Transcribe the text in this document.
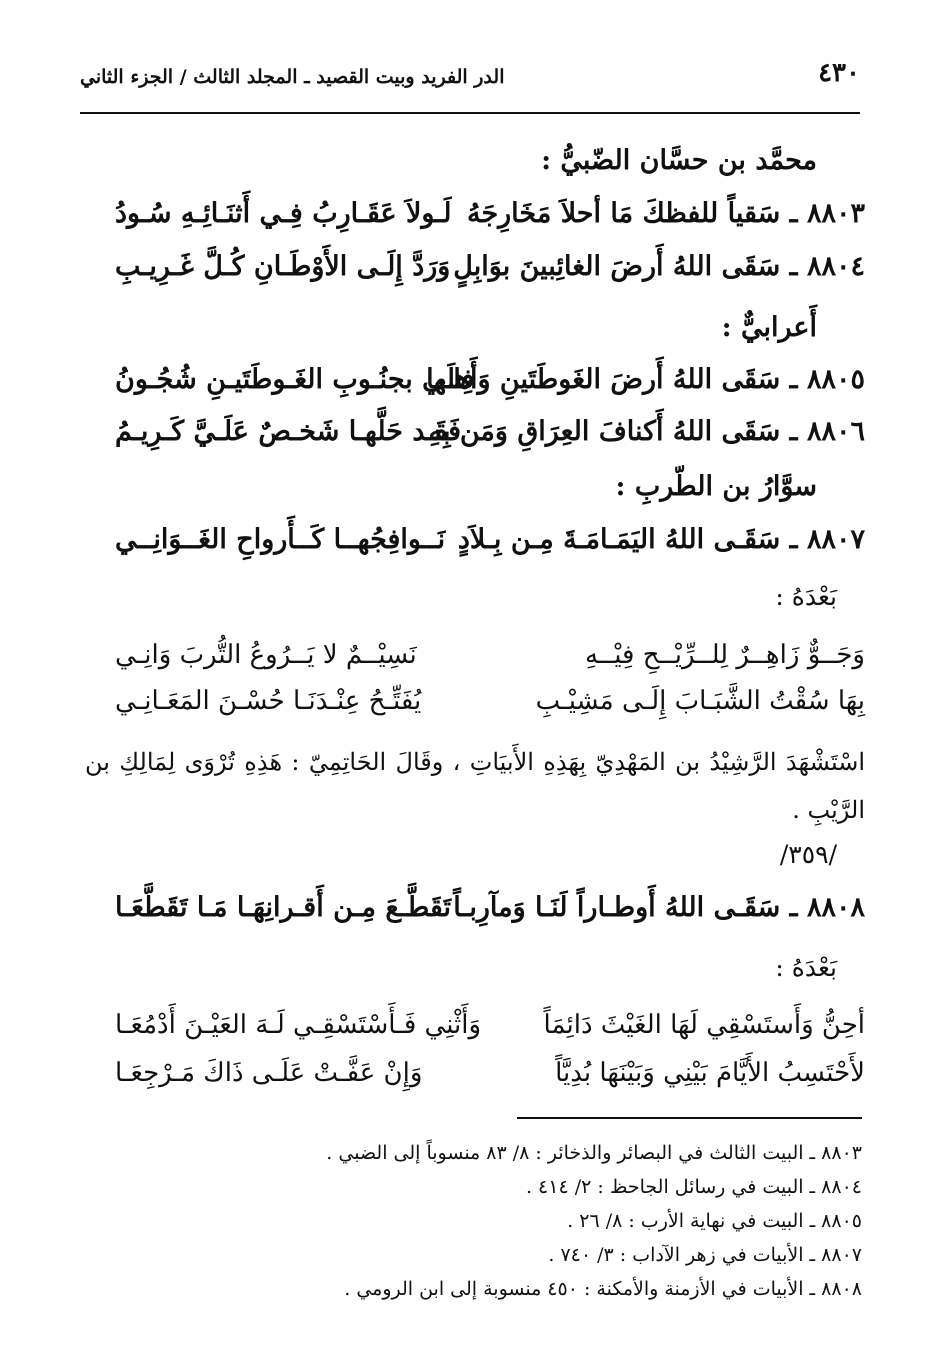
٤٣٠
الدر الفريد وبيت القصيد ـ المجلد الثالث / الجزء الثاني
محمَّد بن حسَّان الضّبيُّ :
٨٨٠٣ ـ سَقياً للفظكَ مَا أحلاَ مَخَارِجَهُ
لَـولاَ عَقَـارِبُ فِـي أَثنَـائِـهِ سُـودُ
٨٨٠٤ ـ سَقَى اللهُ أَرضَ الغائِبينَ بوَابِلٍ
وَرَدَّ إِلَـى الأَوْطَـانِ كُـلَّ غَـرِيـبِ
أَعرابيٌّ :
٨٨٠٥ ـ سَقَى اللهُ أَرضَ الغَوطَتَينِ وَأَهلَها
فِلـي بجنُـوبِ الغَـوطَتَيـنِ شُجُـونُ
٨٨٠٦ ـ سَقَى اللهُ أَكنافَ العِرَاقِ وَمَن بِهِ
فَقَـد حَلَّهـا شَخـصٌ عَلَـيَّ كَـرِيـمُ
سوَّارُ بن الطّربِ :
٨٨٠٧ ـ سَقَـى اللهُ اليَمَـامَـةَ مِـن بِـلاَدٍ
نَــوافِجُهــا كَــأَرواحِ الغَــوَانِــي
بَعْدَهُ :
وَجَــوٌّ زَاهِــرٌ لِلــرِّيْــحِ فِيْــهِ
نَسِيْــمٌ لا يَــرُوعُ التُّربَ وَانِـي
بِهَا سُقْتُ الشَّبَـابَ إِلَـى مَشِيْـبِ
يُفَتِّـحُ عِنْـدَنَـا حُسْـنَ المَعَـانِـي
اسْتَشْهَدَ الرَّشِيْدُ بن المَهْدِيّ بِهَذِهِ الأَبيَاتِ ، وقَالَ الحَاتِمِيّ : هَذِهِ تُرْوَى لِمَالِكِ بن الرَّيْبِ .
/٣٥٩/
٨٨٠٨ ـ سَقَـى اللهُ أَوطـاراً لَنَـا وَمآرِبـاً
تَقَطَّـعَ مِـن أَقـرانِهَـا مَـا تَقَطَّعَـا
بَعْدَهُ :
أحِنُّ وَأَستَسْقِي لَهَا الغَيْثَ دَائِمَاً
وَأَثْنِي فَـأَسْتَسْقِـي لَـهَ العَيْـنَ أَدْمُعَـا
لأَحْتَسِبُ الأَيَّامَ بَيْنِي وَبَيْنَهَا بُدِيَّاً
وَإِنْ عَفَّـتْ عَلَـى ذَاكَ مَـرْجِعَـا
٨٨٠٣ ـ البيت الثالث في البصائر والذخائر : ٨/ ٨٣ منسوباً إلى الضبي .
٨٨٠٤ ـ البيت في رسائل الجاحظ : ٢/ ٤١٤ .
٨٨٠٥ ـ البيت في نهاية الأرب : ٨/ ٢٦ .
٨٨٠٧ ـ الأبيات في زهر الآداب : ٣/ ٧٤٠ .
٨٨٠٨ ـ الأبيات في الأزمنة والأمكنة : ٤٥٠ منسوبة إلى ابن الرومي .
